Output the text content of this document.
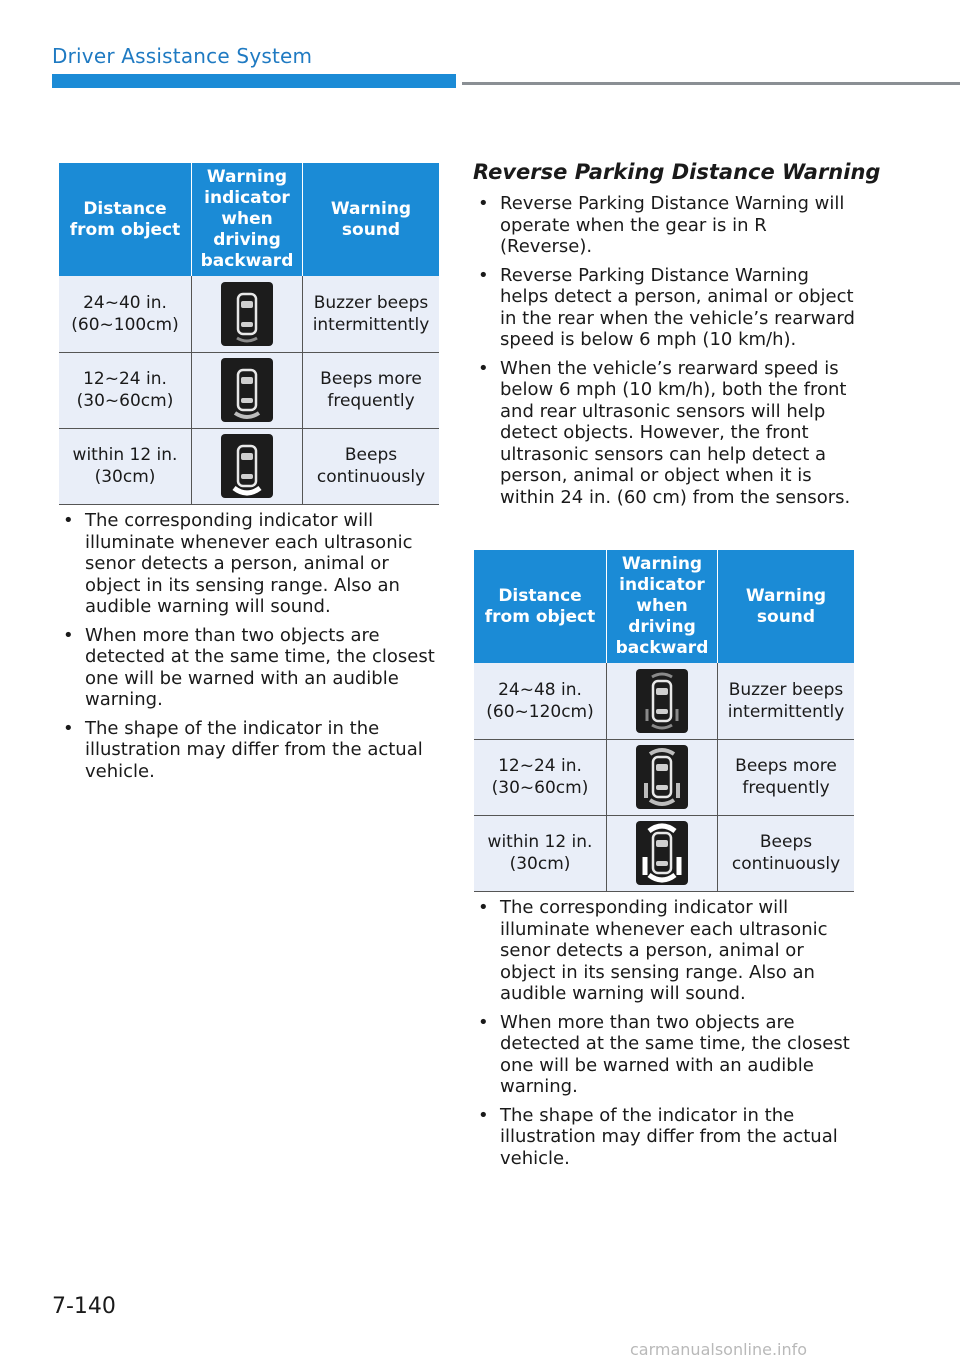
Driver Assistance System
Distance from object	Warning indicator when driving backward	Warning sound
24~40 in. (60~100cm)		Buzzer beeps intermittently
12~24 in. (30~60cm)		Beeps more frequently
within 12 in. (30cm)		Beeps continuously
• The corresponding indicator will illuminate whenever each ultrasonic senor detects a person, animal or object in its sensing range. Also an audible warning will sound.
• When more than two objects are detected at the same time, the closest one will be warned with an audible warning.
• The shape of the indicator in the illustration may differ from the actual vehicle.
Reverse Parking Distance Warning
• Reverse Parking Distance Warning will operate when the gear is in R (Reverse).
• Reverse Parking Distance Warning helps detect a person, animal or object in the rear when the vehicle’s rearward speed is below 6 mph (10 km/h).
• When the vehicle’s rearward speed is below 6 mph (10 km/h), both the front and rear ultrasonic sensors will help detect objects. However, the front ultrasonic sensors can help detect a person, animal or object when it is within 24 in. (60 cm) from the sensors.
Distance from object	Warning indicator when driving backward	Warning sound
24~48 in. (60~120cm)		Buzzer beeps intermittently
12~24 in. (30~60cm)		Beeps more frequently
within 12 in. (30cm)		Beeps continuously
• The corresponding indicator will illuminate whenever each ultrasonic senor detects a person, animal or object in its sensing range. Also an audible warning will sound.
• When more than two objects are detected at the same time, the closest one will be warned with an audible warning.
• The shape of the indicator in the illustration may differ from the actual vehicle.
7-140
carmanualsonline.info
